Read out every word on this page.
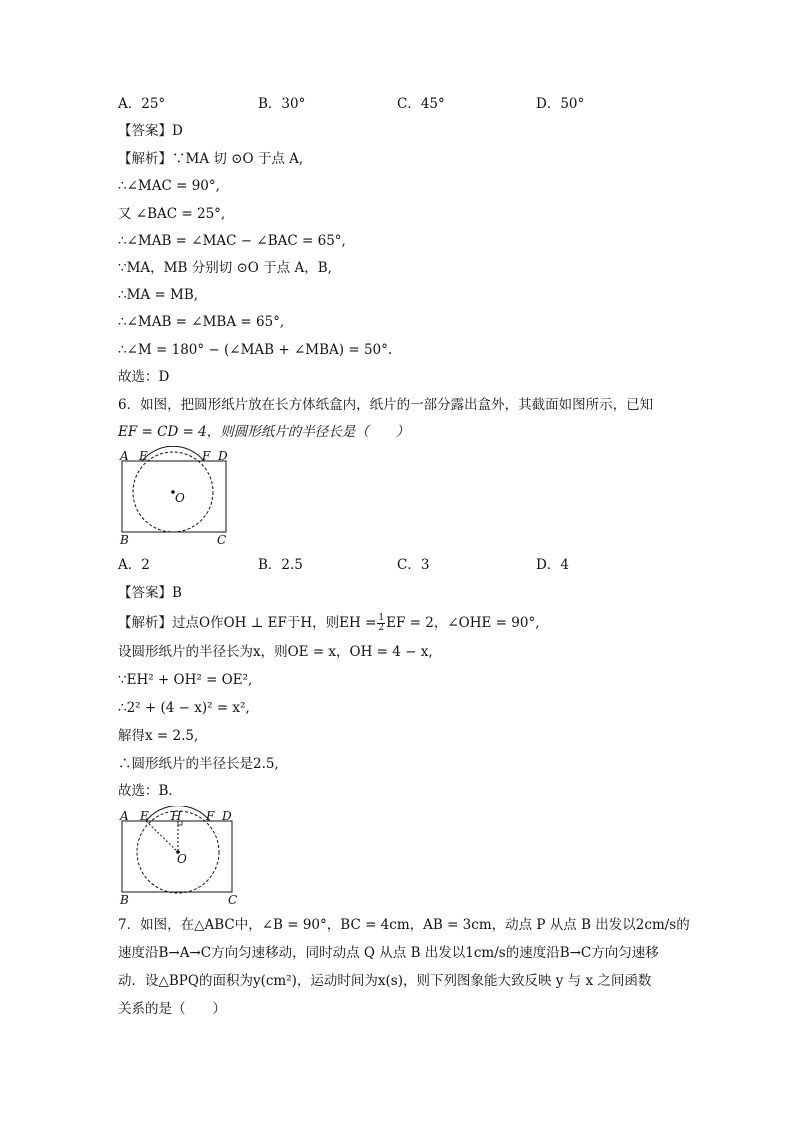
A．25°	B．30°	C．45°	D．50°
【答案】D
【解析】∵MA 切 ⊙O 于点 A,
∴∠MAC = 90°,
又 ∠BAC = 25°,
∴∠MAB = ∠MAC − ∠BAC = 65°,
∵MA，MB 分别切 ⊙O 于点 A，B,
∴MA = MB,
∴∠MAB = ∠MBA = 65°,
∴∠M = 180° − (∠MAB + ∠MBA) = 50°.
故选：D
6．如图，把圆形纸片放在长方体纸盒内，纸片的一部分露出盒外，其截面如图所示，已知
EF = CD = 4，则圆形纸片的半径长是（　　）
A E	F D
O
B	C
A．2	B．2.5	C．3	D．4
【答案】B
【解析】过点O作OH ⊥ EF于H，则EH = $\frac{1}{2}$ EF = 2，∠OHE = 90°,
设圆形纸片的半径长为x，则OE = x，OH = 4 − x,
∵EH² + OH² = OE²,
∴2² + (4 − x)² = x²,
解得x = 2.5,
∴圆形纸片的半径长是2.5,
故选：B．
A E H F D
O
B	C
7．如图，在△ABC中，∠B = 90°，BC = 4cm，AB = 3cm，动点 P 从点 B 出发以2cm/s的
速度沿B→A→C方向匀速移动，同时动点 Q 从点 B 出发以1cm/s的速度沿B→C方向匀速移
动．设△BPQ的面积为y(cm²)，运动时间为x(s)，则下列图象能大致反映 y 与 x 之间函数
关系的是（　　）
